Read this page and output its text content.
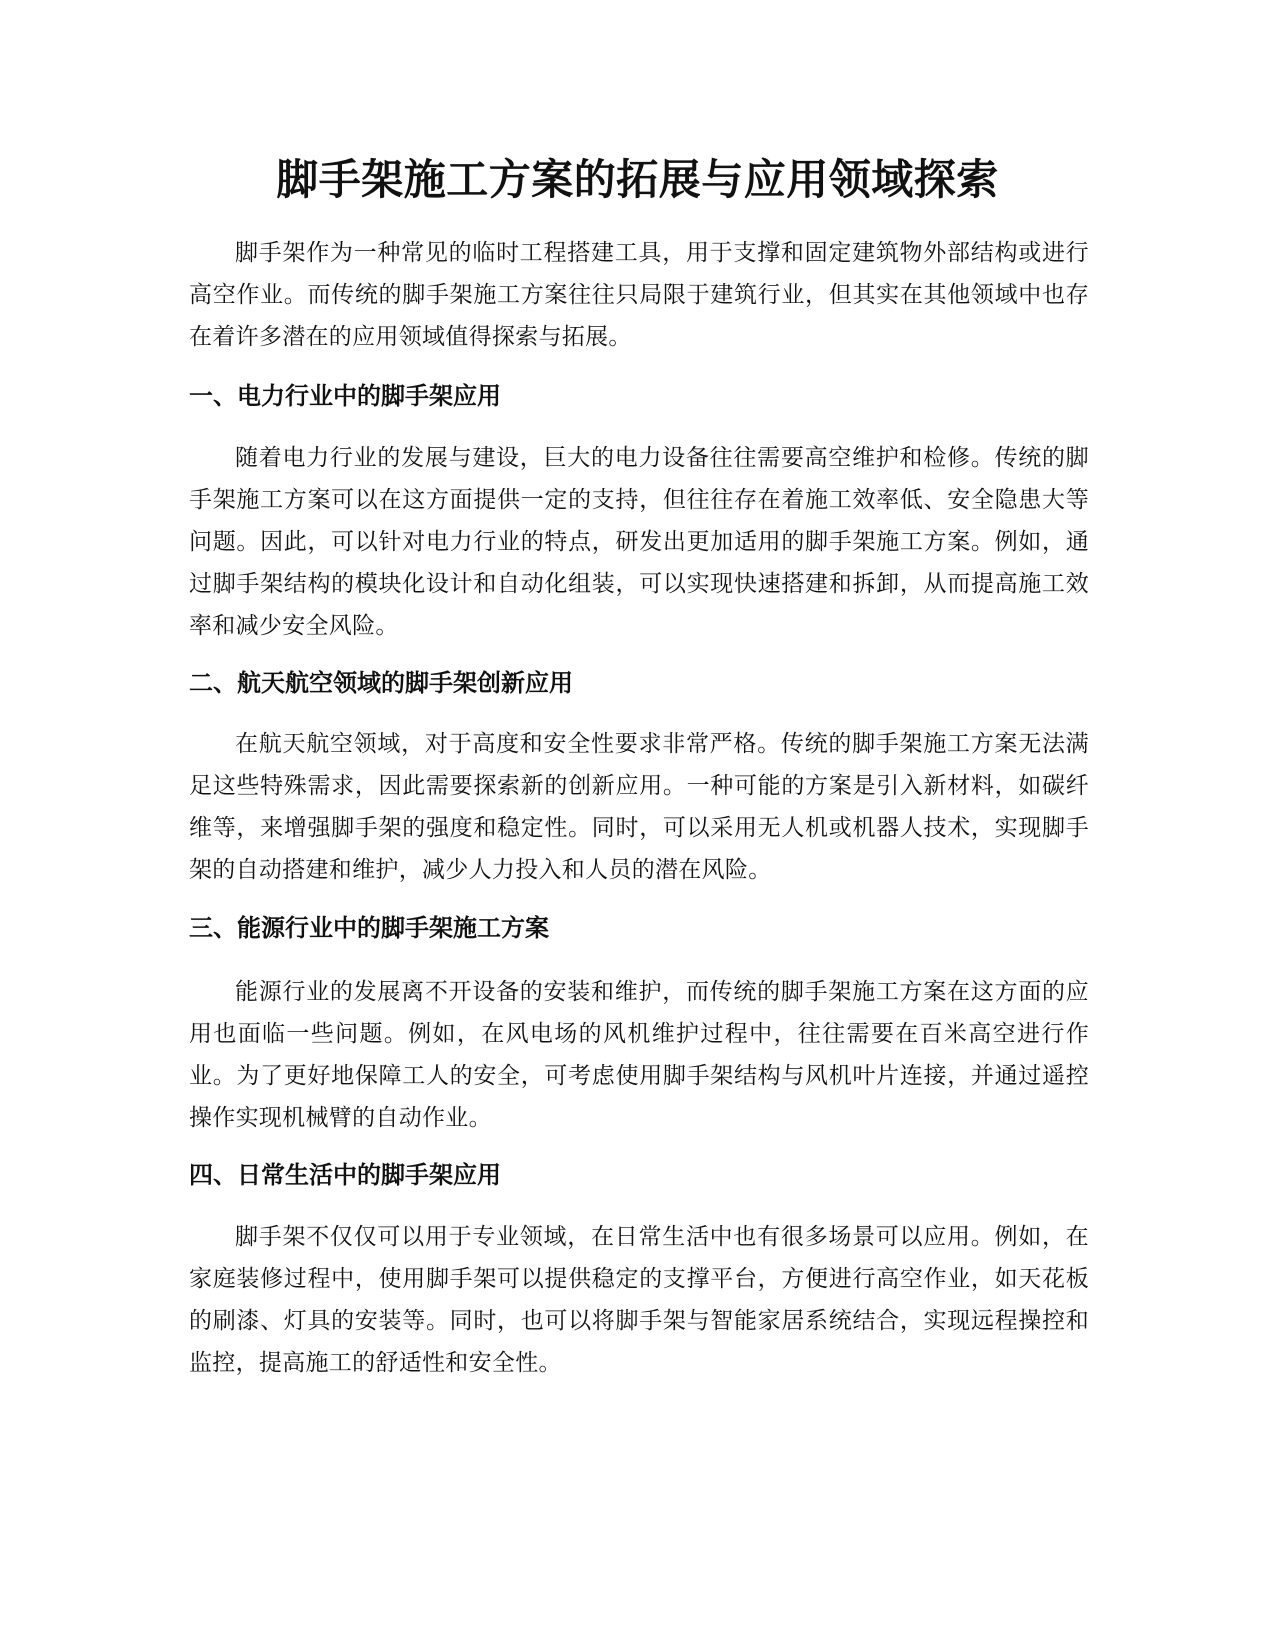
脚手架施工方案的拓展与应用领域探索

脚手架作为一种常见的临时工程搭建工具，用于支撑和固定建筑物外部结构或进行高空作业。而传统的脚手架施工方案往往只局限于建筑行业，但其实在其他领域中也存在着许多潜在的应用领域值得探索与拓展。

一、电力行业中的脚手架应用

随着电力行业的发展与建设，巨大的电力设备往往需要高空维护和检修。传统的脚手架施工方案可以在这方面提供一定的支持，但往往存在着施工效率低、安全隐患大等问题。因此，可以针对电力行业的特点，研发出更加适用的脚手架施工方案。例如，通过脚手架结构的模块化设计和自动化组装，可以实现快速搭建和拆卸，从而提高施工效率和减少安全风险。

二、航天航空领域的脚手架创新应用

在航天航空领域，对于高度和安全性要求非常严格。传统的脚手架施工方案无法满足这些特殊需求，因此需要探索新的创新应用。一种可能的方案是引入新材料，如碳纤维等，来增强脚手架的强度和稳定性。同时，可以采用无人机或机器人技术，实现脚手架的自动搭建和维护，减少人力投入和人员的潜在风险。

三、能源行业中的脚手架施工方案

能源行业的发展离不开设备的安装和维护，而传统的脚手架施工方案在这方面的应用也面临一些问题。例如，在风电场的风机维护过程中，往往需要在百米高空进行作业。为了更好地保障工人的安全，可考虑使用脚手架结构与风机叶片连接，并通过遥控操作实现机械臂的自动作业。

四、日常生活中的脚手架应用

脚手架不仅仅可以用于专业领域，在日常生活中也有很多场景可以应用。例如，在家庭装修过程中，使用脚手架可以提供稳定的支撑平台，方便进行高空作业，如天花板的刷漆、灯具的安装等。同时，也可以将脚手架与智能家居系统结合，实现远程操控和监控，提高施工的舒适性和安全性。
